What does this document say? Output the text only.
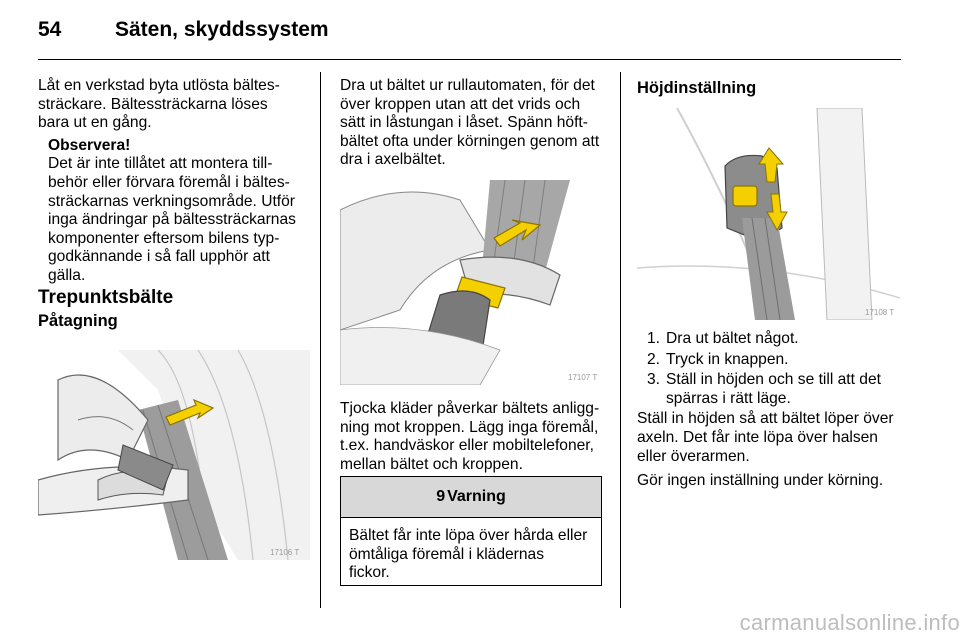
54	Säten, skyddssystem

Låt en verkstad byta utlösta bältes-
sträckare. Bältessträckarna löses
bara ut en gång.

Observera!

Det är inte tillåtet att montera till-
behör eller förvara föremål i bältes-
sträckarnas verkningsområde. Utför
inga ändringar på bältessträckarnas
komponenter eftersom bilens typ-
godkännande i så fall upphör att
gälla.

Trepunktsbälte

Påtagning

17106 T

Dra ut bältet ur rullautomaten, för det
över kroppen utan att det vrids och
sätt in låstungan i låset. Spänn höft-
bältet ofta under körningen genom att
dra i axelbältet.

17107 T

Tjocka kläder påverkar bältets anligg-
ning mot kroppen. Lägg inga föremål,
t.ex. handväskor eller mobiltelefoner,
mellan bältet och kroppen.

9 Varning
Bältet får inte löpa över hårda eller
ömtåliga föremål i klädernas
fickor.

Höjdinställning

17108 T
1. Dra ut bältet något.
2. Tryck in knappen.
3. Ställ in höjden och se till att det
spärras i rätt läge.

Ställ in höjden så att bältet löper över
axeln. Det får inte löpa över halsen
eller överarmen.

Gör ingen inställning under körning.

carmanualsonline.info
